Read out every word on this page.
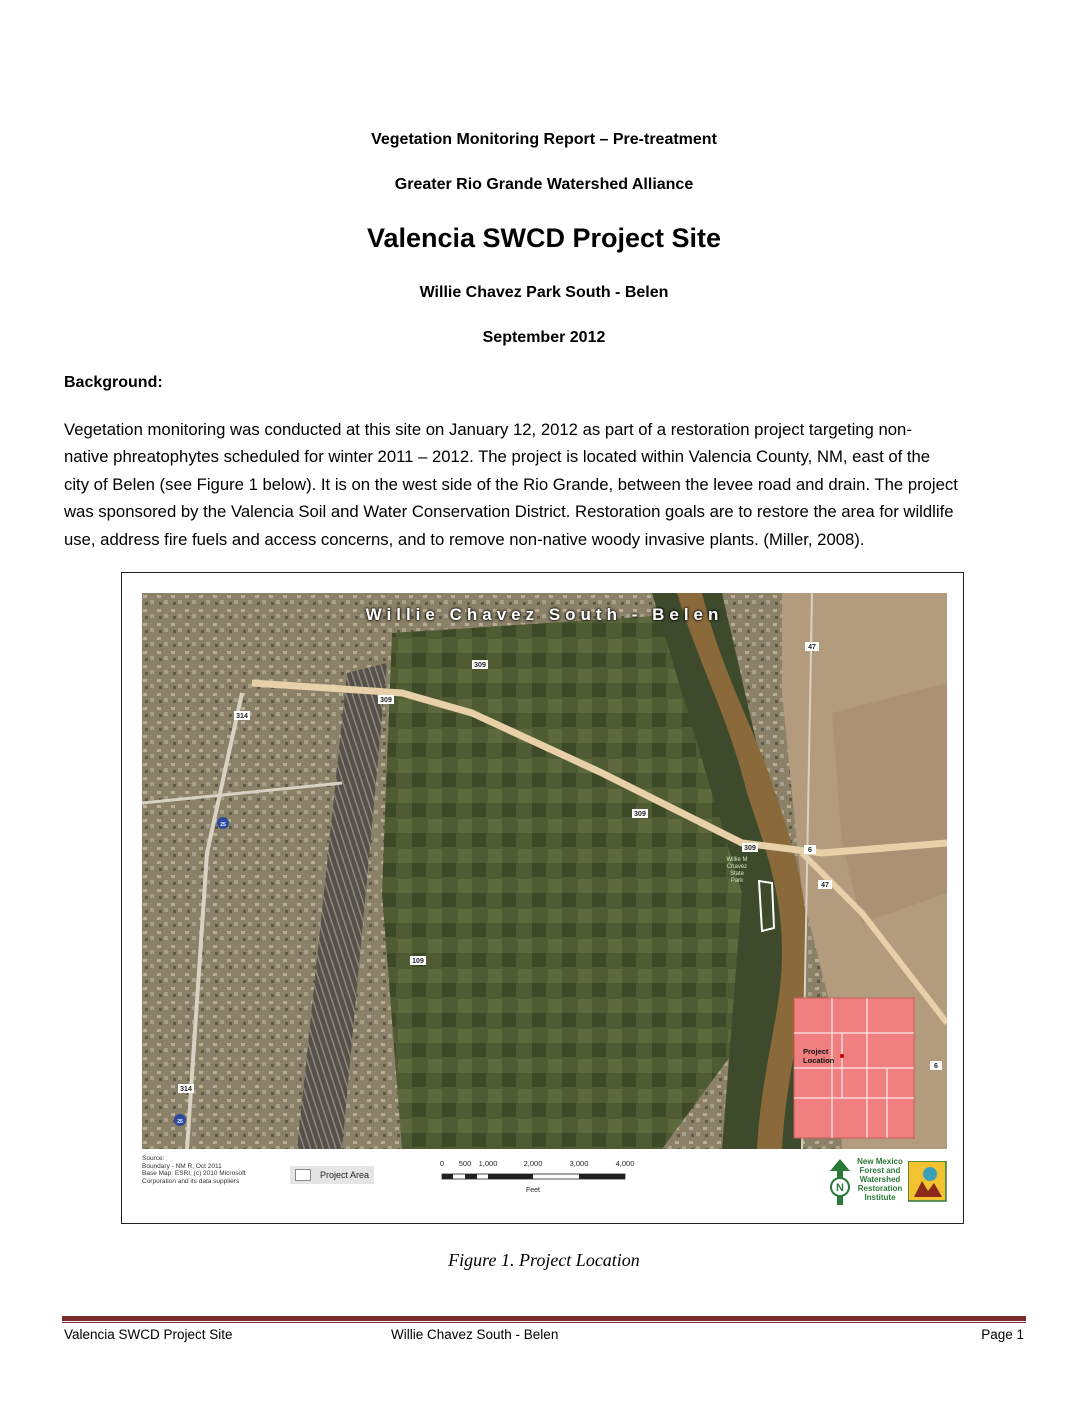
Vegetation Monitoring Report – Pre-treatment
Greater Rio Grande Watershed Alliance
Valencia SWCD Project Site
Willie Chavez Park South - Belen
September 2012
Background:
Vegetation monitoring was conducted at this site on January 12, 2012 as part of a restoration project targeting non-
native phreatophytes scheduled for winter 2011 – 2012. The project is located within Valencia County, NM, east of the
city of Belen (see Figure 1 below). It is on the west side of the Rio Grande, between the levee road and drain. The project
was sponsored by the Valencia Soil and Water Conservation District. Restoration goals are to restore the area for wildlife
use, address fire fuels and access concerns, and to remove non-native woody invasive plants. (Miller, 2008).
309
309
309
309
314
314
47
47
6
6
109
25
25
Willie M
Chavez
State
Park
Project
Location
Willie Chavez South - Belen
Source:
Boundary - NM R, Oct 2011
Base Map: ESRI, (c) 2010 Microsoft
Corporation and its data suppliers
Project Area
0 500 1,000	2,000	3,000	4,000
Feet	N
New Mexico
Forest and
Watershed
Restoration
Institute
Figure 1. Project Location
Valencia SWCD Project Site	Willie Chavez South - Belen	Page 1
